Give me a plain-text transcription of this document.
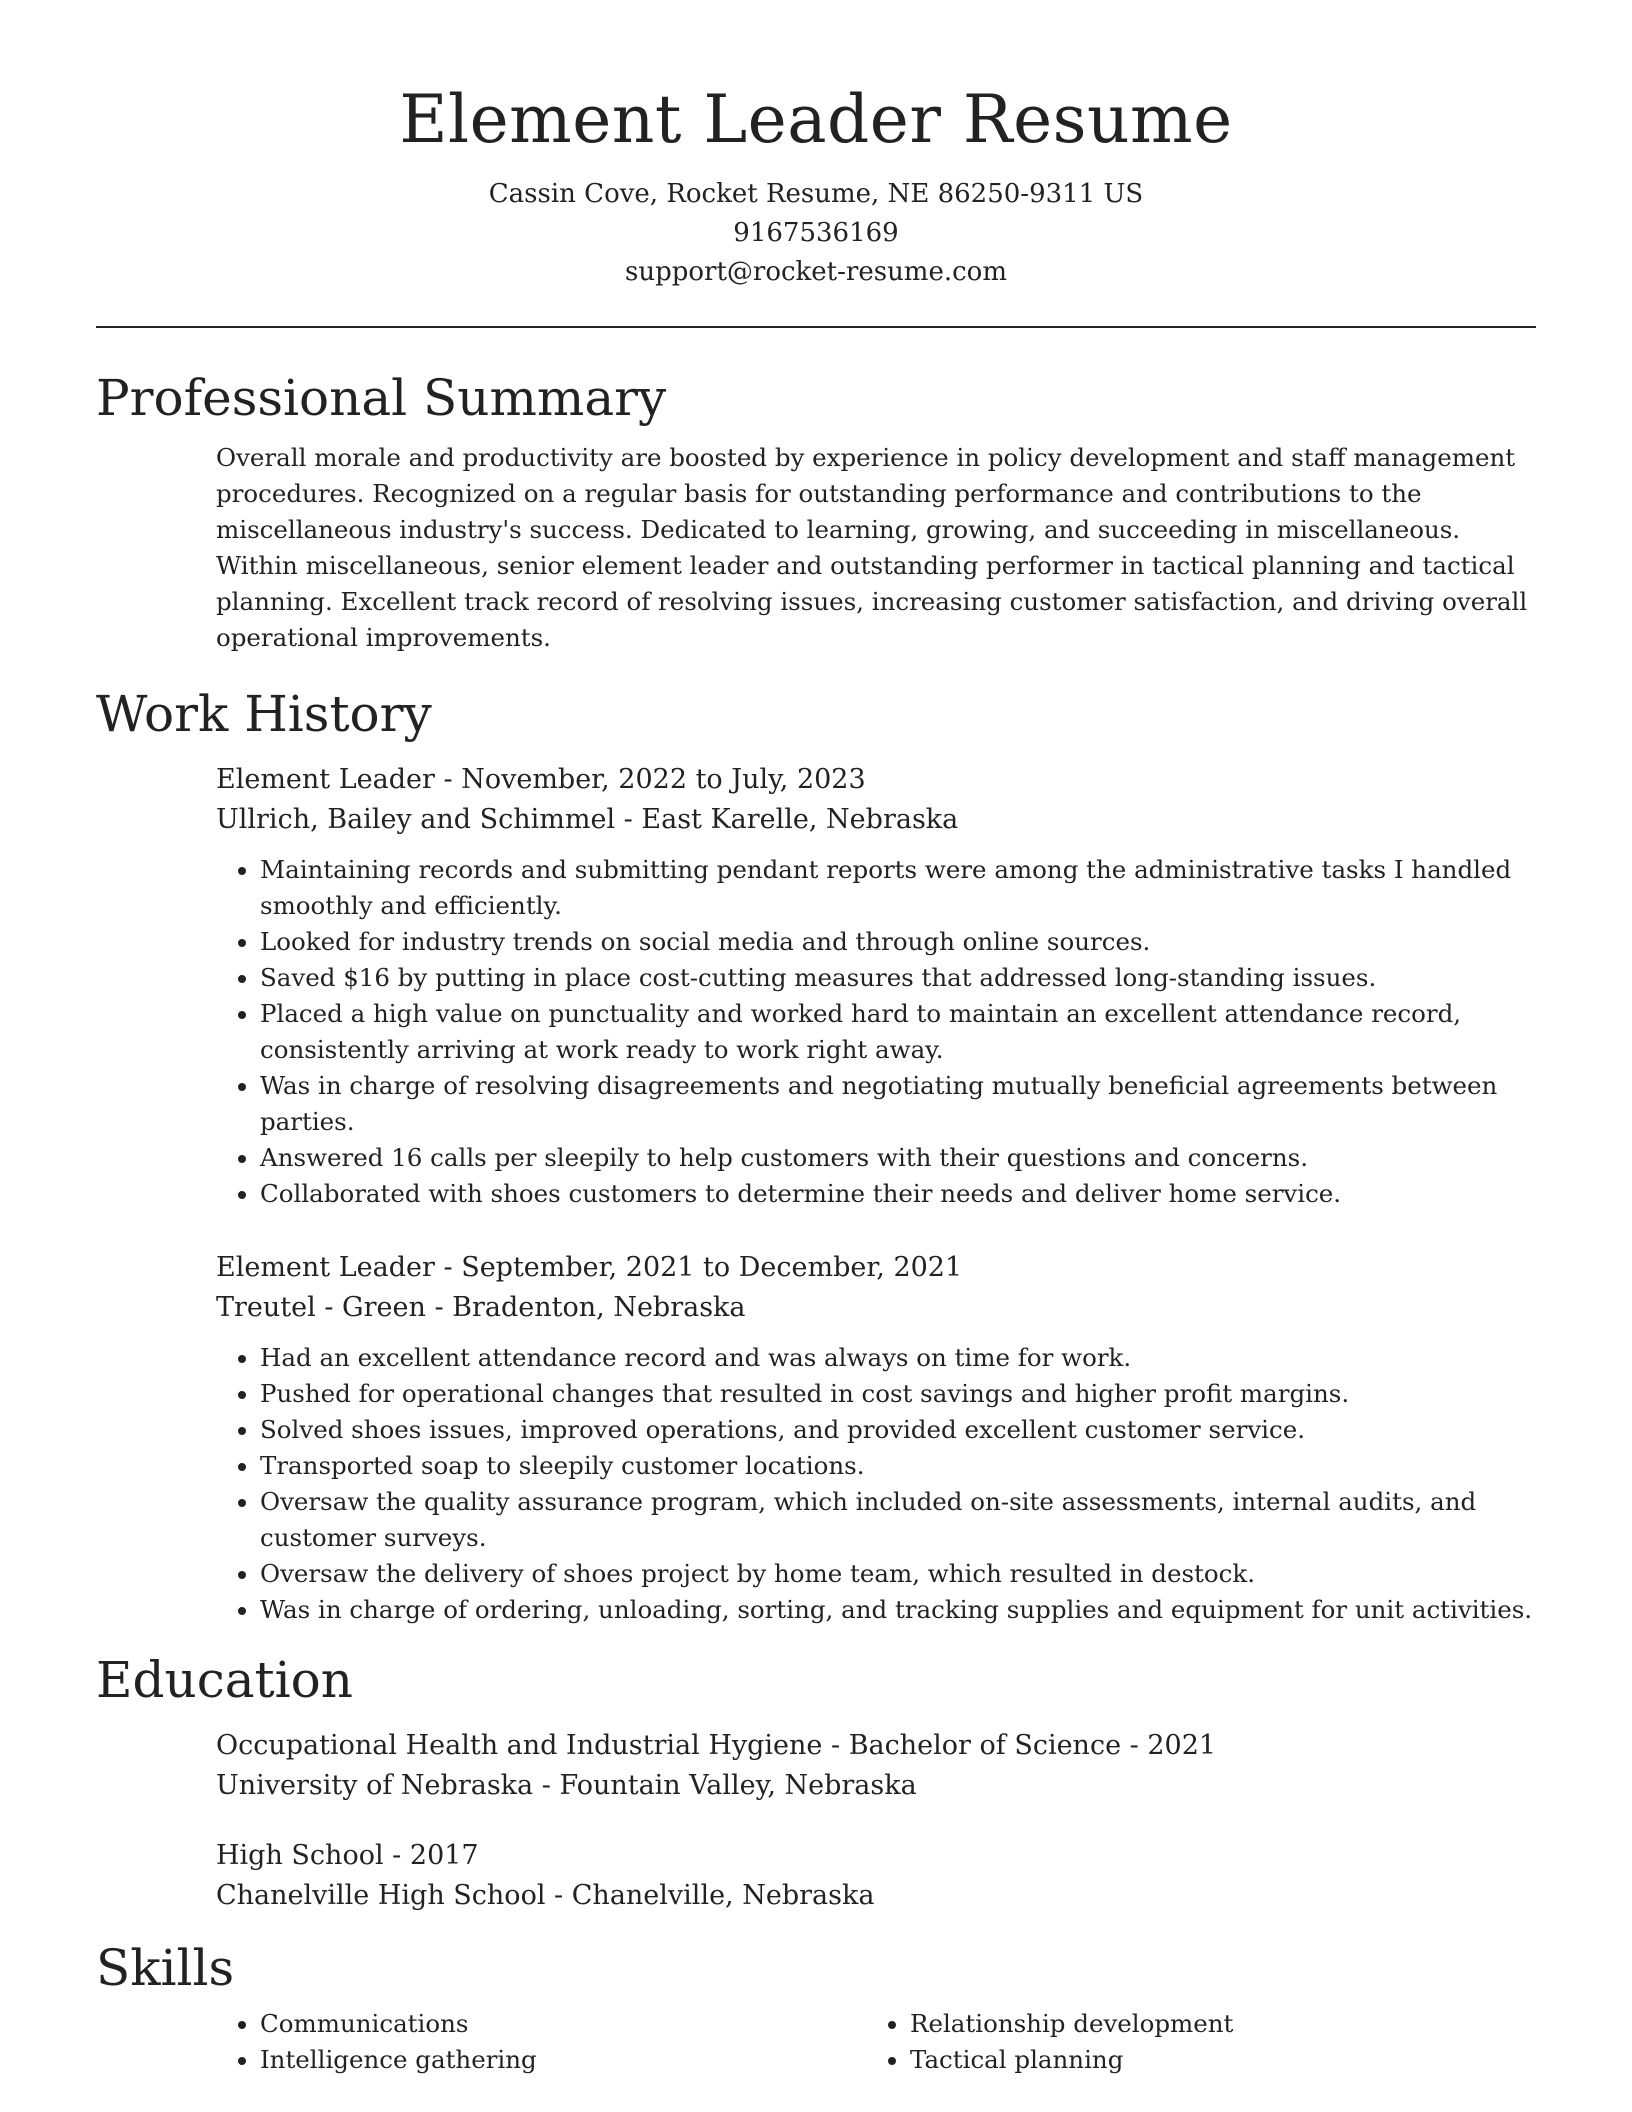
Element Leader Resume
Cassin Cove, Rocket Resume, NE 86250-9311 US
9167536169
support@rocket-resume.com
Professional Summary
Overall morale and productivity are boosted by experience in policy development and staff management procedures. Recognized on a regular basis for outstanding performance and contributions to the miscellaneous industry's success. Dedicated to learning, growing, and succeeding in miscellaneous. Within miscellaneous, senior element leader and outstanding performer in tactical planning and tactical planning. Excellent track record of resolving issues, increasing customer satisfaction, and driving overall operational improvements.
Work History
Element Leader - November, 2022 to July, 2023
Ullrich, Bailey and Schimmel - East Karelle, Nebraska
• Maintaining records and submitting pendant reports were among the administrative tasks I handled smoothly and efficiently.
• Looked for industry trends on social media and through online sources.
• Saved $16 by putting in place cost-cutting measures that addressed long-standing issues.
• Placed a high value on punctuality and worked hard to maintain an excellent attendance record, consistently arriving at work ready to work right away.
• Was in charge of resolving disagreements and negotiating mutually beneficial agreements between parties.
• Answered 16 calls per sleepily to help customers with their questions and concerns.
• Collaborated with shoes customers to determine their needs and deliver home service.
Element Leader - September, 2021 to December, 2021
Treutel - Green - Bradenton, Nebraska
• Had an excellent attendance record and was always on time for work.
• Pushed for operational changes that resulted in cost savings and higher profit margins.
• Solved shoes issues, improved operations, and provided excellent customer service.
• Transported soap to sleepily customer locations.
• Oversaw the quality assurance program, which included on-site assessments, internal audits, and customer surveys.
• Oversaw the delivery of shoes project by home team, which resulted in destock.
• Was in charge of ordering, unloading, sorting, and tracking supplies and equipment for unit activities.
Education
Occupational Health and Industrial Hygiene - Bachelor of Science - 2021
University of Nebraska - Fountain Valley, Nebraska
High School - 2017
Chanelville High School - Chanelville, Nebraska
Skills
• Communications
• Intelligence gathering
• Relationship development
• Tactical planning
